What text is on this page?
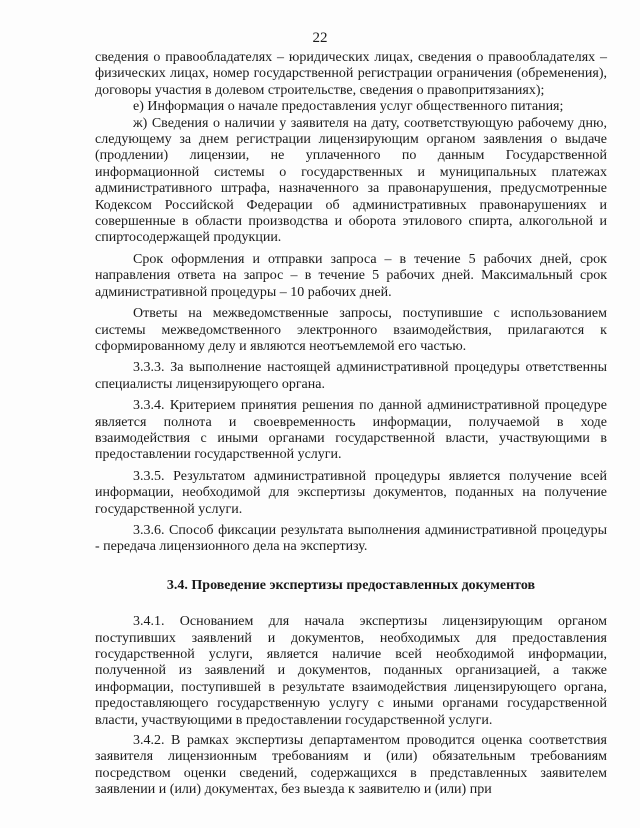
22

сведения о правообладателях – юридических лицах, сведения о правообладателях – физических лицах, номер государственной регистрации ограничения (обременения), договоры участия в долевом строительстве, сведения о правопритязаниях);

е) Информация о начале предоставления услуг общественного питания;

ж) Сведения о наличии у заявителя на дату, соответствующую рабочему дню, следующему за днем регистрации лицензирующим органом заявления о выдаче (продлении) лицензии, не уплаченного по данным Государственной информационной системы о государственных и муниципальных платежах административного штрафа, назначенного за правонарушения, предусмотренные Кодексом Российской Федерации об административных правонарушениях и совершенные в области производства и оборота этилового спирта, алкогольной и спиртосодержащей продукции.

Срок оформления и отправки запроса – в течение 5 рабочих дней, срок направления ответа на запрос – в течение 5 рабочих дней. Максимальный срок административной процедуры – 10 рабочих дней.

Ответы на межведомственные запросы, поступившие с использованием системы межведомственного электронного взаимодействия, прилагаются к сформированному делу и являются неотъемлемой его частью.

3.3.3. За выполнение настоящей административной процедуры ответственны специалисты лицензирующего органа.

3.3.4. Критерием принятия решения по данной административной процедуре является полнота и своевременность информации, получаемой в ходе взаимодействия с иными органами государственной власти, участвующими в предоставлении государственной услуги.

3.3.5. Результатом административной процедуры является получение всей информации, необходимой для экспертизы документов, поданных на получение государственной услуги.

3.3.6. Способ фиксации результата выполнения административной процедуры - передача лицензионного дела на экспертизу.

3.4. Проведение экспертизы предоставленных документов

3.4.1. Основанием для начала экспертизы лицензирующим органом поступивших заявлений и документов, необходимых для предоставления государственной услуги, является наличие всей необходимой информации, полученной из заявлений и документов, поданных организацией, а также информации, поступившей в результате взаимодействия лицензирующего органа, предоставляющего государственную услугу с иными органами государственной власти, участвующими в предоставлении государственной услуги.

3.4.2. В рамках экспертизы департаментом проводится оценка соответствия заявителя лицензионным требованиям и (или) обязательным требованиям посредством оценки сведений, содержащихся в представленных заявителем заявлении и (или) документах, без выезда к заявителю и (или) при
